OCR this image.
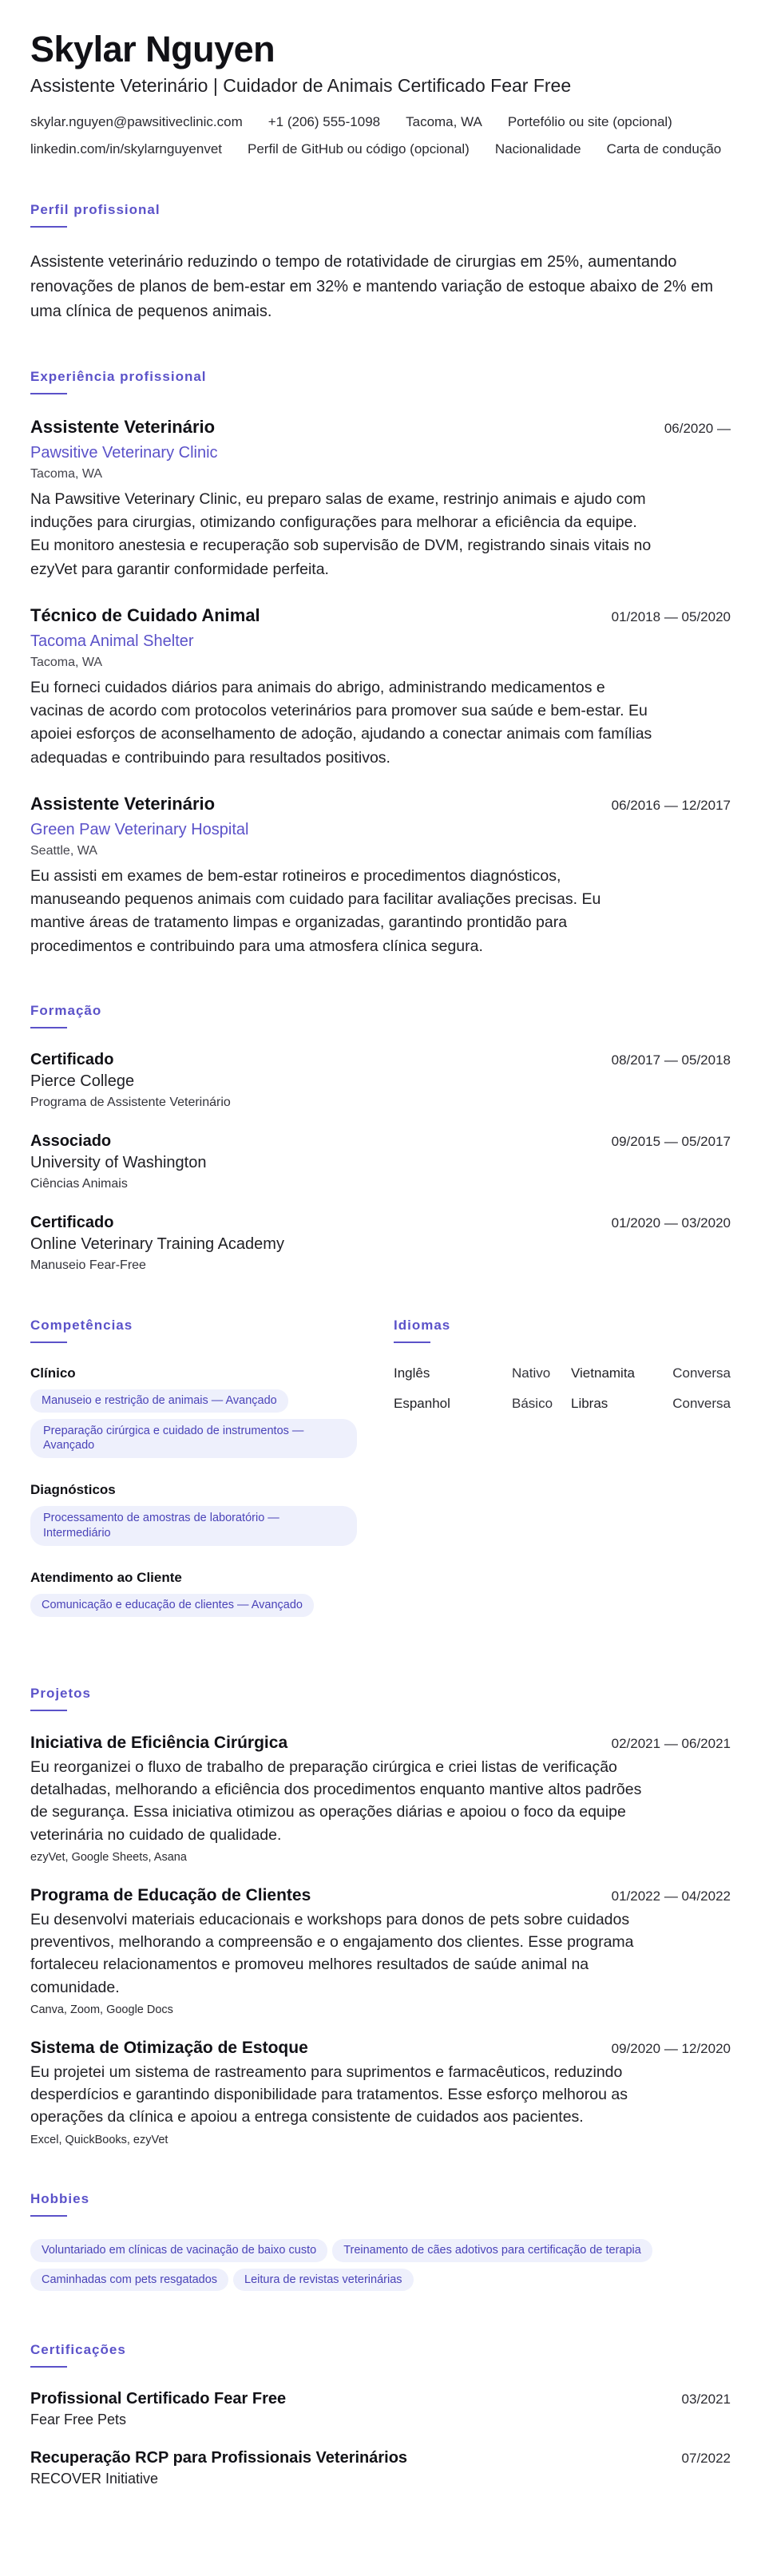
Skylar Nguyen
Assistente Veterinário | Cuidador de Animais Certificado Fear Free
skylar.nguyen@pawsitiveclinic.com +1 (206) 555-1098 Tacoma, WA Portefólio ou site (opcional)
linkedin.com/in/skylarnguyenvet Perfil de GitHub ou código (opcional) Nacionalidade Carta de condução
Perfil profissional

Assistente veterinário reduzindo o tempo de rotatividade de cirurgias em 25%, aumentando renovações de planos de bem-estar em 32% e mantendo variação de estoque abaixo de 2% em uma clínica de pequenos animais.

Experiência profissional
Assistente Veterinário	06/2020 —
Pawsitive Veterinary Clinic
Tacoma, WA
Na Pawsitive Veterinary Clinic, eu preparo salas de exame, restrinjo animais e ajudo com induções para cirurgias, otimizando configurações para melhorar a eficiência da equipe. Eu monitoro anestesia e recuperação sob supervisão de DVM, registrando sinais vitais no ezyVet para garantir conformidade perfeita.
Técnico de Cuidado Animal	01/2018 — 05/2020
Tacoma Animal Shelter
Tacoma, WA
Eu forneci cuidados diários para animais do abrigo, administrando medicamentos e vacinas de acordo com protocolos veterinários para promover sua saúde e bem-estar. Eu apoiei esforços de aconselhamento de adoção, ajudando a conectar animais com famílias adequadas e contribuindo para resultados positivos.
Assistente Veterinário	06/2016 — 12/2017
Green Paw Veterinary Hospital
Seattle, WA
Eu assisti em exames de bem-estar rotineiros e procedimentos diagnósticos, manuseando pequenos animais com cuidado para facilitar avaliações precisas. Eu mantive áreas de tratamento limpas e organizadas, garantindo prontidão para procedimentos e contribuindo para uma atmosfera clínica segura.
Formação
Certificado	08/2017 — 05/2018
Pierce College
Programa de Assistente Veterinário
Associado	09/2015 — 05/2017
University of Washington
Ciências Animais
Certificado	01/2020 — 03/2020
Online Veterinary Training Academy
Manuseio Fear-Free
Competências
Clínico
Manuseio e restrição de animais — Avançado Preparação cirúrgica e cuidado de instrumentos — Avançado
Diagnósticos
Processamento de amostras de laboratório — Intermediário
Atendimento ao Cliente
Comunicação e educação de clientes — Avançado
Idiomas
Inglês	Nativo	Vietnamita	Conversa
Espanhol	Básico	Libras	Conversa
Projetos
Iniciativa de Eficiência Cirúrgica	02/2021 — 06/2021
Eu reorganizei o fluxo de trabalho de preparação cirúrgica e criei listas de verificação detalhadas, melhorando a eficiência dos procedimentos enquanto mantive altos padrões de segurança. Essa iniciativa otimizou as operações diárias e apoiou o foco da equipe veterinária no cuidado de qualidade.
ezyVet, Google Sheets, Asana
Programa de Educação de Clientes	01/2022 — 04/2022
Eu desenvolvi materiais educacionais e workshops para donos de pets sobre cuidados preventivos, melhorando a compreensão e o engajamento dos clientes. Esse programa fortaleceu relacionamentos e promoveu melhores resultados de saúde animal na comunidade.
Canva, Zoom, Google Docs
Sistema de Otimização de Estoque	09/2020 — 12/2020
Eu projetei um sistema de rastreamento para suprimentos e farmacêuticos, reduzindo desperdícios e garantindo disponibilidade para tratamentos. Esse esforço melhorou as operações da clínica e apoiou a entrega consistente de cuidados aos pacientes.
Excel, QuickBooks, ezyVet
Hobbies
Voluntariado em clínicas de vacinação de baixo custo	Treinamento de cães adotivos para certificação de terapia
Caminhadas com pets resgatados	Leitura de revistas veterinárias
Certificações
Profissional Certificado Fear Free	03/2021
Fear Free Pets
Recuperação RCP para Profissionais Veterinários	07/2022
RECOVER Initiative
